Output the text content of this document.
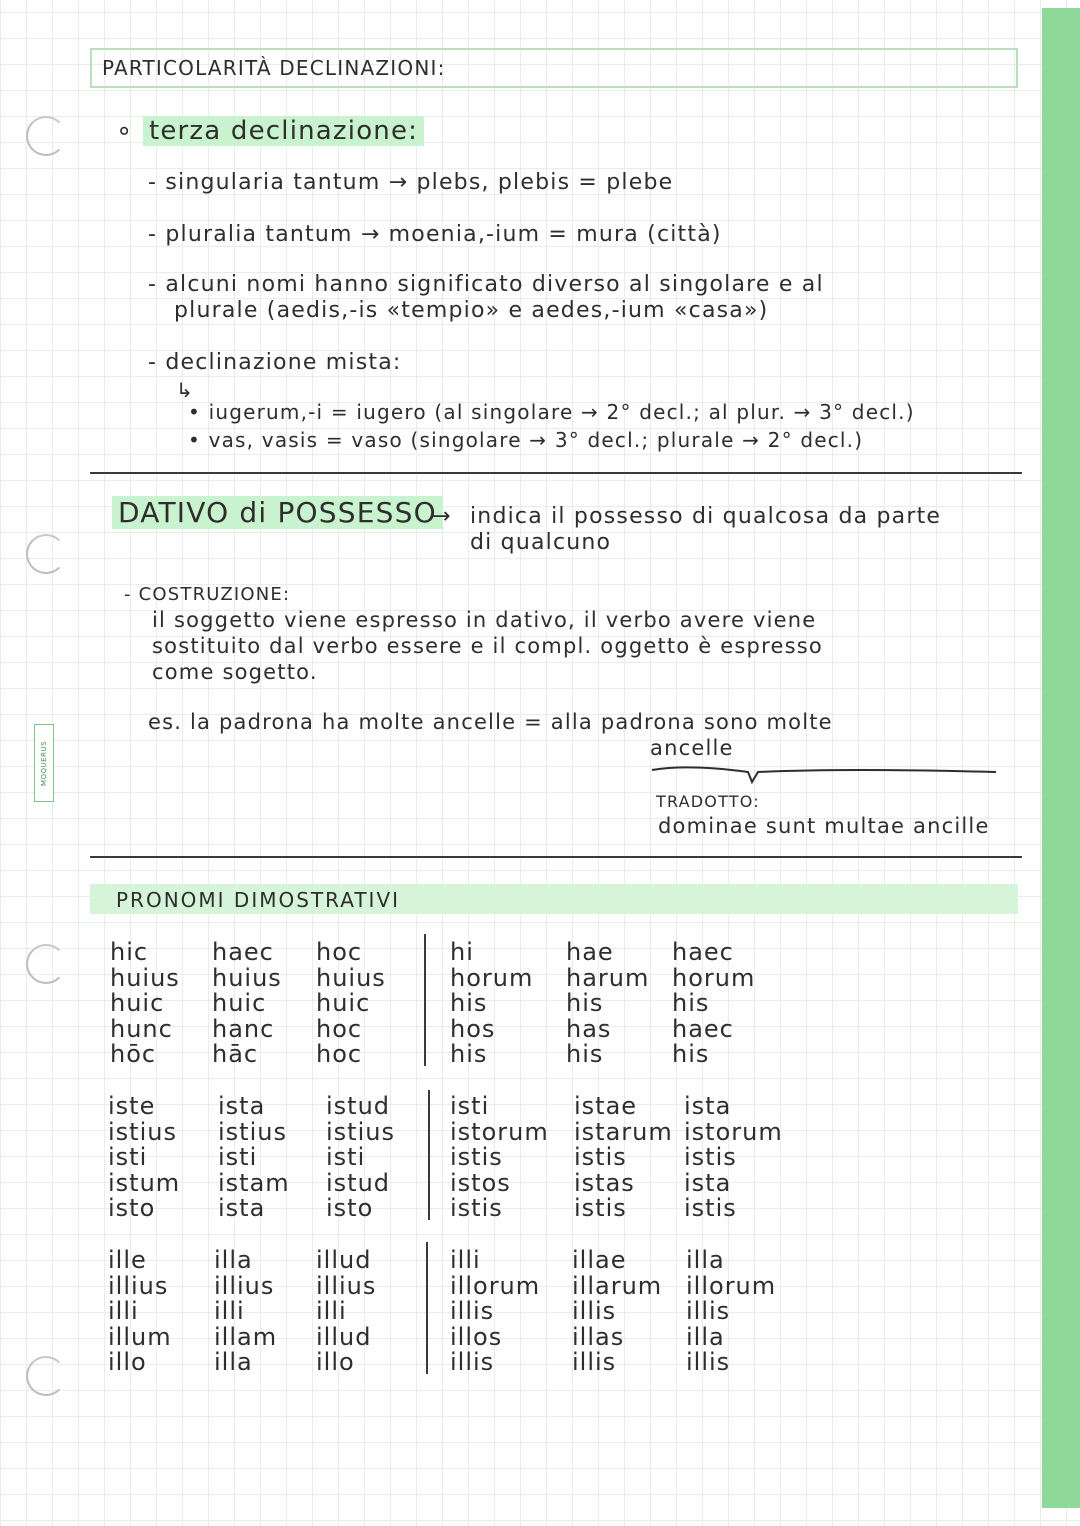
MOQUERUS
PARTICOLARITÀ DECLINAZIONI:
∘ terza declinazione:
- singularia tantum → plebs, plebis = plebe
- pluralia tantum → moenia,-ium = mura (città)
- alcuni nomi hanno significato diverso al singolare e al
plurale (aedis,-is «tempio» e aedes,-ium «casa»)
- declinazione mista:
↳
• iugerum,-i = iugero (al singolare → 2° decl.; al plur. → 3° decl.)
• vas, vasis = vaso (singolare → 3° decl.; plurale → 2° decl.)
DATIVO di POSSESSO
→ indica il possesso di qualcosa da parte
di qualcuno
- COSTRUZIONE:
il soggetto viene espresso in dativo, il verbo avere viene
sostituito dal verbo essere e il compl. oggetto è espresso
come sogetto.
es. la padrona ha molte ancelle = alla padrona sono molte
ancelle
TRADOTTO:
dominae sunt multae ancille
PRONOMI DIMOSTRATIVI
hic
huius
huic
hunc
hōc
haec
huius
huic
hanc
hāc
hoc
huius
huic
hoc
hoc
hi
horum
his
hos
his
hae
harum
his
has
his
haec
horum
his
haec
his
iste
istius
isti
istum
isto
ista
istius
isti
istam
ista
istud
istius
isti
istud
isto
isti
istorum
istis
istos
istis
istae
istarum
istis
istas
istis
ista
istorum
istis
ista
istis
ille
illius
illi
illum
illo
illa
illius
illi
illam
illa
illud
illius
illi
illud
illo
illi
illorum
illis
illos
illis
illae
illarum
illis
illas
illis
illa
illorum
illis
illa
illis
